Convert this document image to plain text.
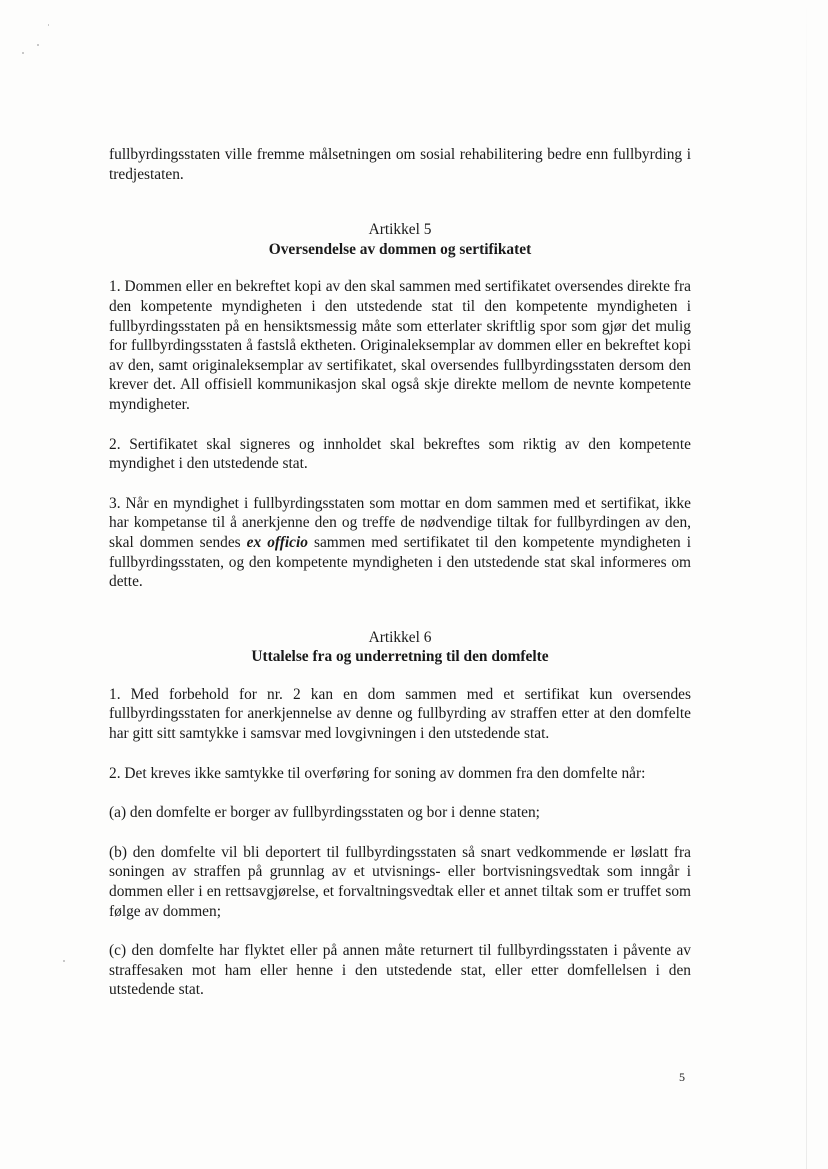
fullbyrdingsstaten ville fremme målsetningen om sosial rehabilitering bedre enn fullbyrding i tredjestaten.

Artikkel 5

Oversendelse av dommen og sertifikatet

1. Dommen eller en bekreftet kopi av den skal sammen med sertifikatet oversendes direkte fra den kompetente myndigheten i den utstedende stat til den kompetente myndigheten i fullbyrdingsstaten på en hensiktsmessig måte som etterlater skriftlig spor som gjør det mulig for fullbyrdingsstaten å fastslå ektheten. Originaleksemplar av dommen eller en bekreftet kopi av den, samt originaleksemplar av sertifikatet, skal oversendes fullbyrdingsstaten dersom den krever det. All offisiell kommunikasjon skal også skje direkte mellom de nevnte kompetente myndigheter.

2. Sertifikatet skal signeres og innholdet skal bekreftes som riktig av den kompetente myndighet i den utstedende stat.

3. Når en myndighet i fullbyrdingsstaten som mottar en dom sammen med et sertifikat, ikke har kompetanse til å anerkjenne den og treffe de nødvendige tiltak for fullbyrdingen av den, skal dommen sendes ex officio sammen med sertifikatet til den kompetente myndigheten i fullbyrdingsstaten, og den kompetente myndigheten i den utstedende stat skal informeres om dette.

Artikkel 6

Uttalelse fra og underretning til den domfelte

1. Med forbehold for nr. 2 kan en dom sammen med et sertifikat kun oversendes fullbyrdingsstaten for anerkjennelse av denne og fullbyrding av straffen etter at den domfelte har gitt sitt samtykke i samsvar med lovgivningen i den utstedende stat.

2. Det kreves ikke samtykke til overføring for soning av dommen fra den domfelte når:

(a) den domfelte er borger av fullbyrdingsstaten og bor i denne staten;

(b) den domfelte vil bli deportert til fullbyrdingsstaten så snart vedkommende er løslatt fra soningen av straffen på grunnlag av et utvisnings- eller bortvisningsvedtak som inngår i dommen eller i en rettsavgjørelse, et forvaltningsvedtak eller et annet tiltak som er truffet som følge av dommen;

(c) den domfelte har flyktet eller på annen måte returnert til fullbyrdingsstaten i påvente av straffesaken mot ham eller henne i den utstedende stat, eller etter domfellelsen i den utstedende stat.

5
